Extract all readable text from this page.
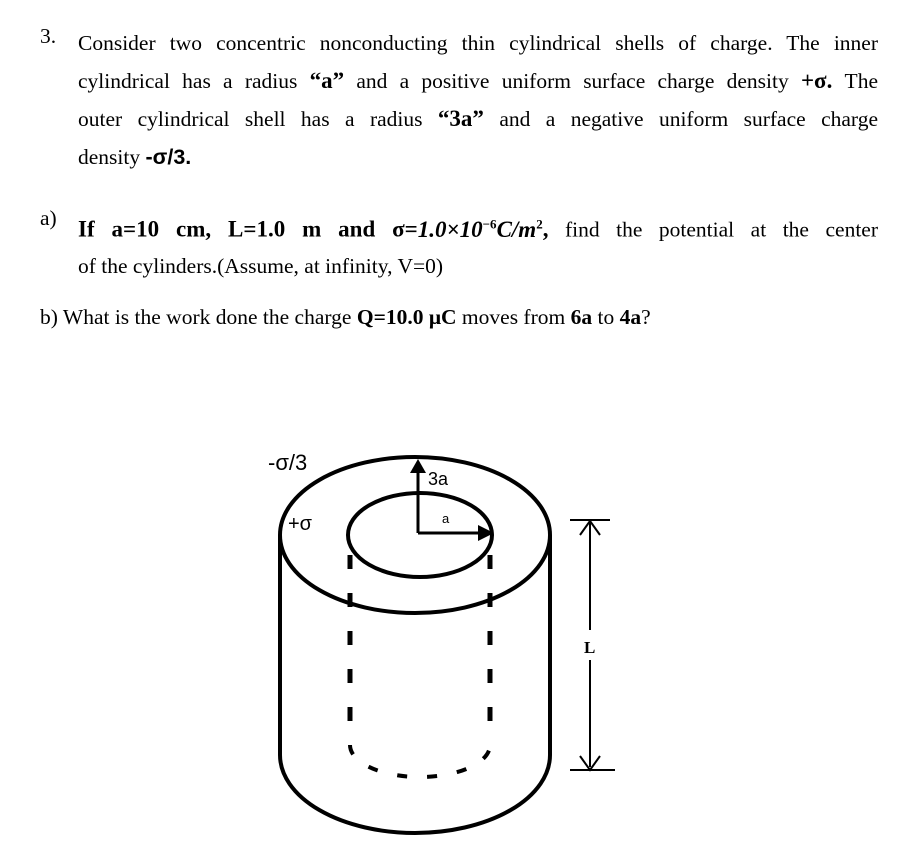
3. Consider two concentric nonconducting thin cylindrical shells of charge. The inner
cylindrical has a radius “a” and a positive uniform surface charge density +σ. The
outer cylindrical shell has a radius “3a” and a negative uniform surface charge
density -σ/3.
a) If a=10 cm, L=1.0 m and $\sigma=1.0\times 10^{-6}C/m^2$, find the potential at the center
of the cylinders.(Assume, at infinity, V=0)
b) What is the work done the charge Q=10.0 μC moves from 6a to 4a?
-σ/3
+σ
3a
a
L
